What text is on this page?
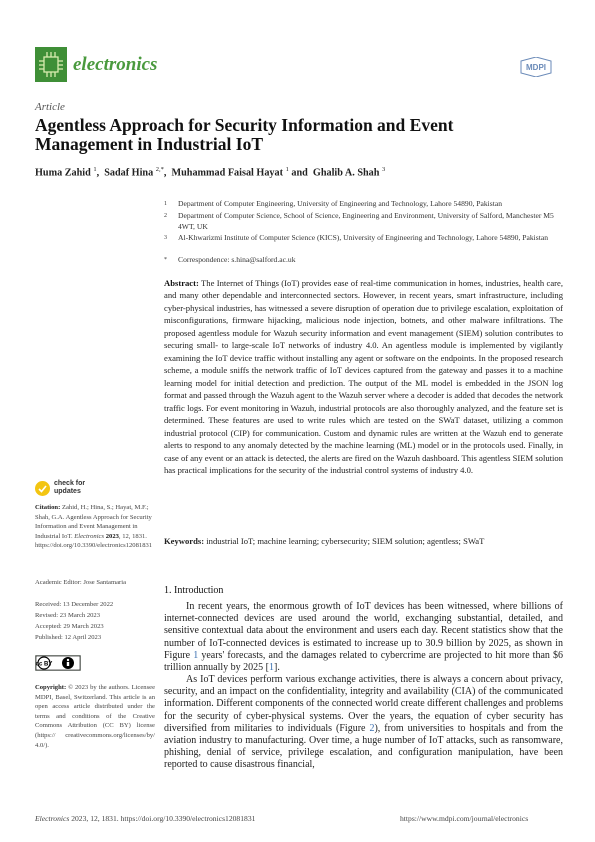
electronics	MDPI
Article
Agentless Approach for Security Information and Event Management in Industrial IoT
Huma Zahid $^1$,  Sadaf Hina $^{2,*}$,  Muhammad Faisal Hayat $^1$ and  Ghalib A. Shah $^3$
1 Department of Computer Engineering, University of Engineering and Technology, Lahore 54890, Pakistan
2 Department of Computer Science, School of Science, Engineering and Environment, University of Salford, Manchester M5 4WT, UK
3 Al-Khwarizmi Institute of Computer Science (KICS), University of Engineering and Technology, Lahore 54890, Pakistan
* Correspondence: s.hina@salford.ac.uk
Abstract: The Internet of Things (IoT) provides ease of real-time communication in homes, industries, health care, and many other dependable and interconnected sectors. However, in recent years, smart infrastructure, including cyber-physical industries, has witnessed a severe disruption of operation due to privilege escalation, exploitation of misconfigurations, firmware hijacking, malicious node injection, botnets, and other malware infiltrations. The proposed agentless module for Wazuh security information and event management (SIEM) solution contributes to securing small- to large-scale IoT networks of industry 4.0. An agentless module is implemented by vigilantly examining the IoT device traffic without installing any agent or software on the endpoints. In the proposed research scheme, a module sniffs the network traffic of IoT devices captured from the gateway and passes it to a machine learning model for initial detection and prediction. The output of the ML model is embedded in the JSON log format and passed through the Wazuh agent to the Wazuh server where a decoder is added that decodes the network traffic logs. For event monitoring in Wazuh, industrial protocols are also thoroughly analyzed, and the feature set is determined. These features are used to write rules which are tested on the SWaT dataset, utilizing a common industrial protocol (CIP) for communication. Custom and dynamic rules are written at the Wazuh end to generate alerts to respond to any anomaly detected by the machine learning (ML) model or in the protocols used. Finally, in case of any event or an attack is detected, the alerts are fired on the Wazuh dashboard. This agentless SIEM solution has practical implications for the security of the industrial control systems of industry 4.0.
Keywords: industrial IoT; machine learning; cybersecurity; SIEM solution; agentless; SWaT
check for
updates
Citation: Zahid, H.; Hina, S.; Hayat, M.F.; Shah, G.A. Agentless Approach for Security Information and Event Management in Industrial IoT. Electronics 2023, 12, 1831. https://doi.org/10.3390/electronics12081831
Academic Editor: Jose Santamaria
Received: 13 December 2022
Revised: 23 March 2023
Accepted: 29 March 2023
Published: 12 April 2023
cc BY
Copyright: © 2023 by the authors. Licensee MDPI, Basel, Switzerland. This article is an open access article distributed under the terms and conditions of the Creative Commons Attribution (CC BY) license (https:// creativecommons.org/licenses/by/ 4.0/).
1. Introduction
In recent years, the enormous growth of IoT devices has been witnessed, where billions of internet-connected devices are used around the world, exchanging substantial, detailed, and sensitive contextual data about the environment and users each day. Recent statistics show that the number of IoT-connected devices is estimated to increase up to 30.9 billion by 2025, as shown in Figure 1 years' forecasts, and the damages related to cybercrime are projected to hit more than $6 trillion annually by 2025 [1].
As IoT devices perform various exchange activities, there is always a concern about privacy, security, and an impact on the confidentiality, integrity and availability (CIA) of the communicated information. Different components of the connected world create different challenges and problems for the security of cyber-physical systems. Over the years, the equation of cyber security has diversified from militaries to individuals (Figure 2), from universities to hospitals and from the aviation industry to manufacturing. Over time, a huge number of IoT attacks, such as ransomware, phishing, denial of service, privilege escalation, and configuration manipulation, have been reported to cause disastrous financial,
Electronics 2023, 12, 1831. https://doi.org/10.3390/electronics12081831	https://www.mdpi.com/journal/electronics
